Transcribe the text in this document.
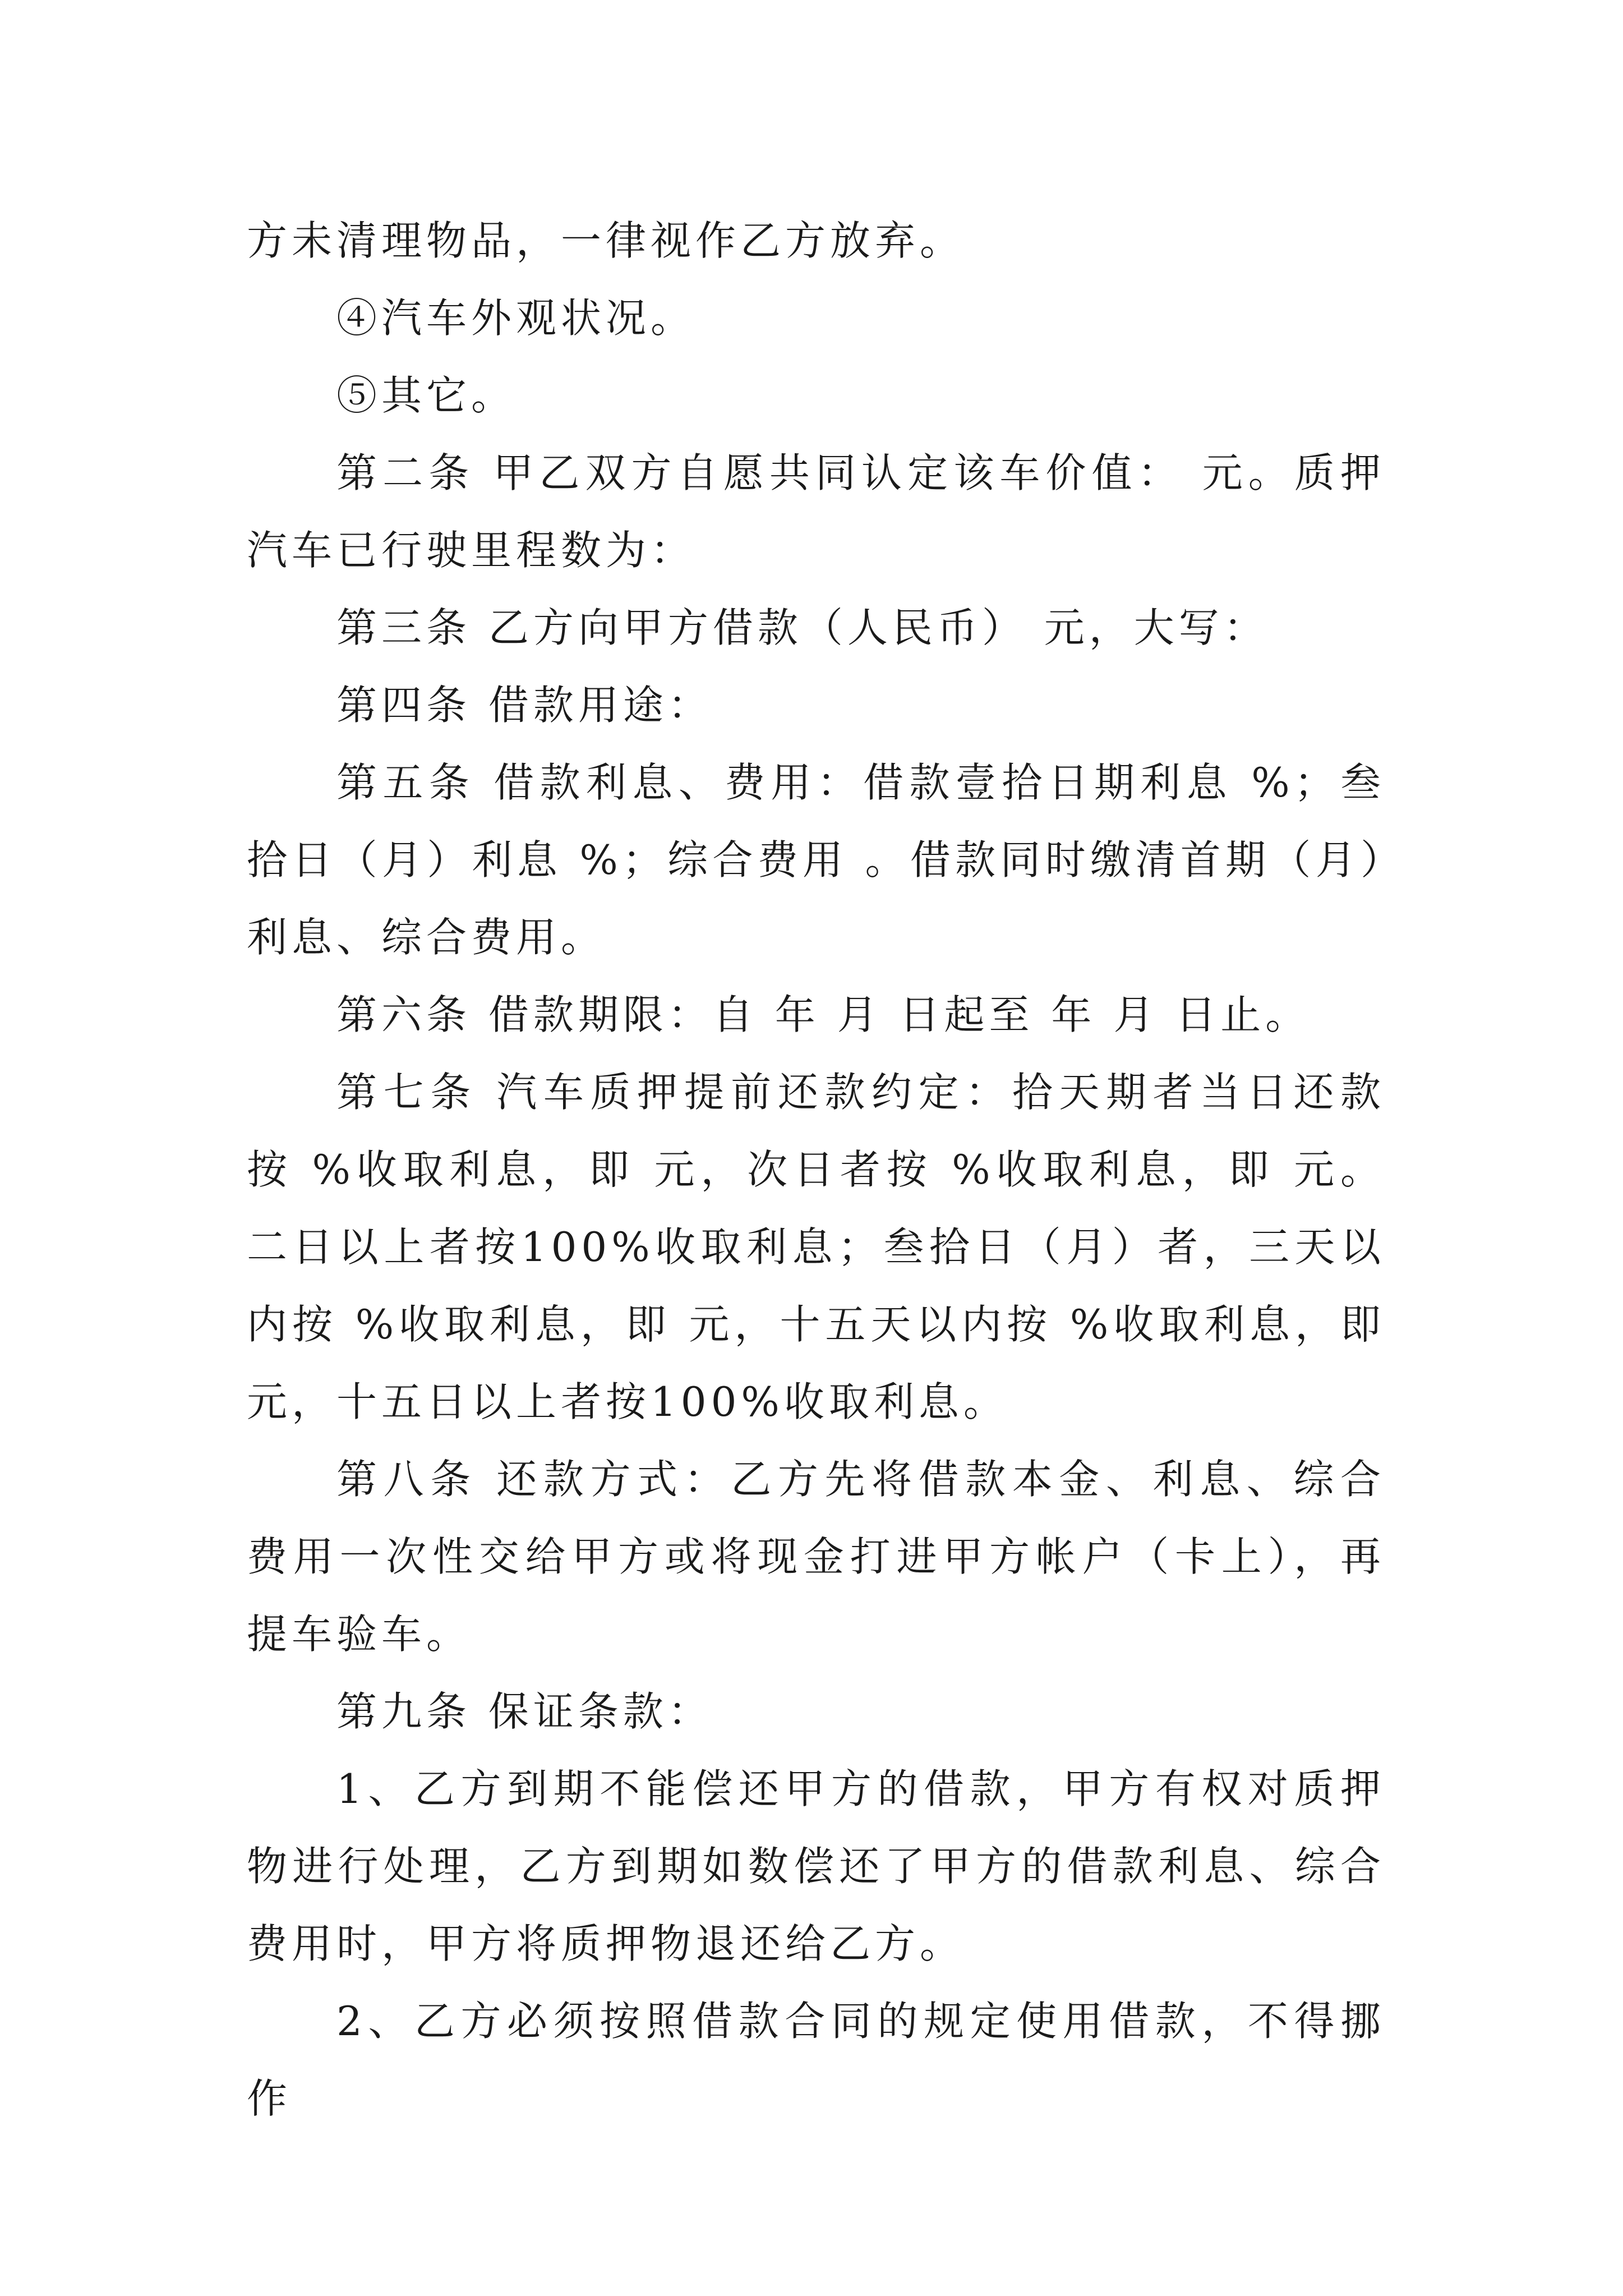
方未清理物品，一律视作乙方放弃。

④汽车外观状况。

⑤其它。

第二条 甲乙双方自愿共同认定该车价值： 元。质押汽车已行驶里程数为：

第三条 乙方向甲方借款（人民币） 元，大写：

第四条 借款用途：

第五条 借款利息、费用：借款壹拾日期利息 %；叁拾日（月）利息 %；综合费用 。借款同时缴清首期（月）利息、综合费用。

第六条 借款期限：自 年 月 日起至 年 月 日止。

第七条 汽车质押提前还款约定：拾天期者当日还款按 %收取利息，即 元，次日者按 %收取利息，即 元。二日以上者按100%收取利息；叁拾日（月）者，三天以内按 %收取利息，即 元，十五天以内按 %收取利息，即 元，十五日以上者按100%收取利息。

第八条 还款方式：乙方先将借款本金、利息、综合费用一次性交给甲方或将现金打进甲方帐户（卡上），再提车验车。

第九条 保证条款：

1、乙方到期不能偿还甲方的借款，甲方有权对质押物进行处理，乙方到期如数偿还了甲方的借款利息、综合费用时，甲方将质押物退还给乙方。

2、乙方必须按照借款合同的规定使用借款，不得挪作
